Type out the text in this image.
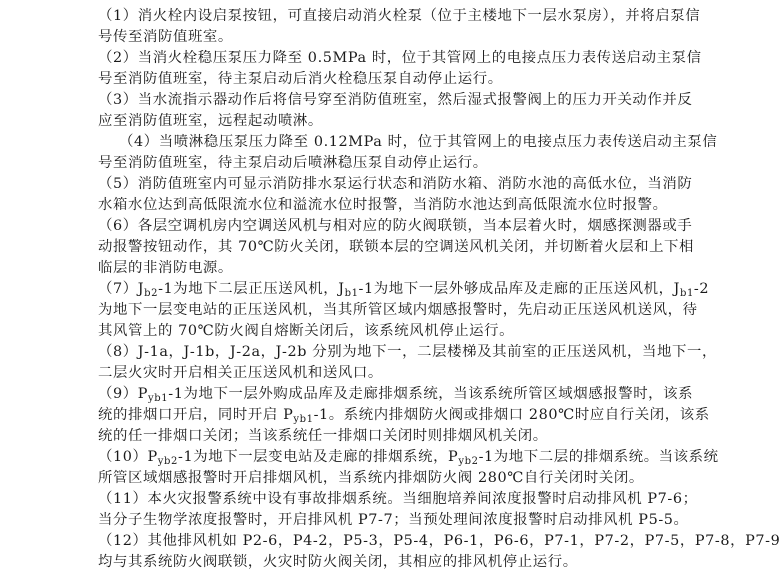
（1）消火栓内设启泵按钮，可直接启动消火栓泵（位于主楼地下一层水泵房），并将启泵信
号传至消防值班室。
（2）当消火栓稳压泵压力降至 0.5MPa 时，位于其管网上的电接点压力表传送启动主泵信
号至消防值班室，待主泵启动后消火栓稳压泵自动停止运行。
（3）当水流指示器动作后将信号穿至消防值班室，然后湿式报警阀上的压力开关动作并反
应至消防值班室，远程起动喷淋。
（4）当喷淋稳压泵压力降至 0.12MPa 时，位于其管网上的电接点压力表传送启动主泵信
号至消防值班室，待主泵启动后喷淋稳压泵自动停止运行。
（5）消防值班室内可显示消防排水泵运行状态和消防水箱、消防水池的高低水位，当消防
水箱水位达到高低限流水位和溢流水位时报警，当消防水池达到高低限流水位时报警。
（6）各层空调机房内空调送风机与相对应的防火阀联锁，当本层着火时，烟感探测器或手
动报警按钮动作，其 70℃防火关闭，联锁本层的空调送风机关闭，并切断着火层和上下相
临层的非消防电源。
$(7)J_{b2}-1$为地下二层正压送风机，$J_{b1}-1$为地下一层外够成品库及走廊的正压送风机，$J_{b1}-2$
为地下一层变电站的正压送风机，当其所管区域内烟感报警时，先启动正压送风机送风，待
其风管上的 70℃防火阀自熔断关闭后，该系统风机停止运行。
（8）J-1a，J-1b，J-2a，J-2b 分别为地下一，二层楼梯及其前室的正压送风机，当地下一，
二层火灾时开启相关正压送风机和送风口。
$(9)P_{yb1}-1$为地下一层外购成品库及走廊排烟系统，当该系统所管区域烟感报警时，该系
统的排烟口开启，同时开启 $P_{yb1}-1$。系统内排烟防火阀或排烟口 280℃时应自行关闭，该系
统的任一排烟口关闭；当该系统任一排烟口关闭时则排烟风机关闭。
$(10)P_{yb2}-1$为地下一层变电站及走廊的排烟系统，$P_{yb2}-1$为地下二层的排烟系统。当该系统
所管区域烟感报警时开启排烟风机，当系统内排烟防火阀 280℃自行关闭时关闭。
（11）本火灾报警系统中设有事故排烟系统。当细胞培养间浓度报警时启动排风机 P7-6；
当分子生物学浓度报警时，开启排风机 P7-7；当预处理间浓度报警时启动排风机 P5-5。
（12）其他排风机如 P2-6，P4-2，P5-3，P5-4，P6-1，P6-6，P7-1，P7-2，P7-5，P7-8，P7-9
均与其系统防火阀联锁，火灾时防火阀关闭，其相应的排风机停止运行。
